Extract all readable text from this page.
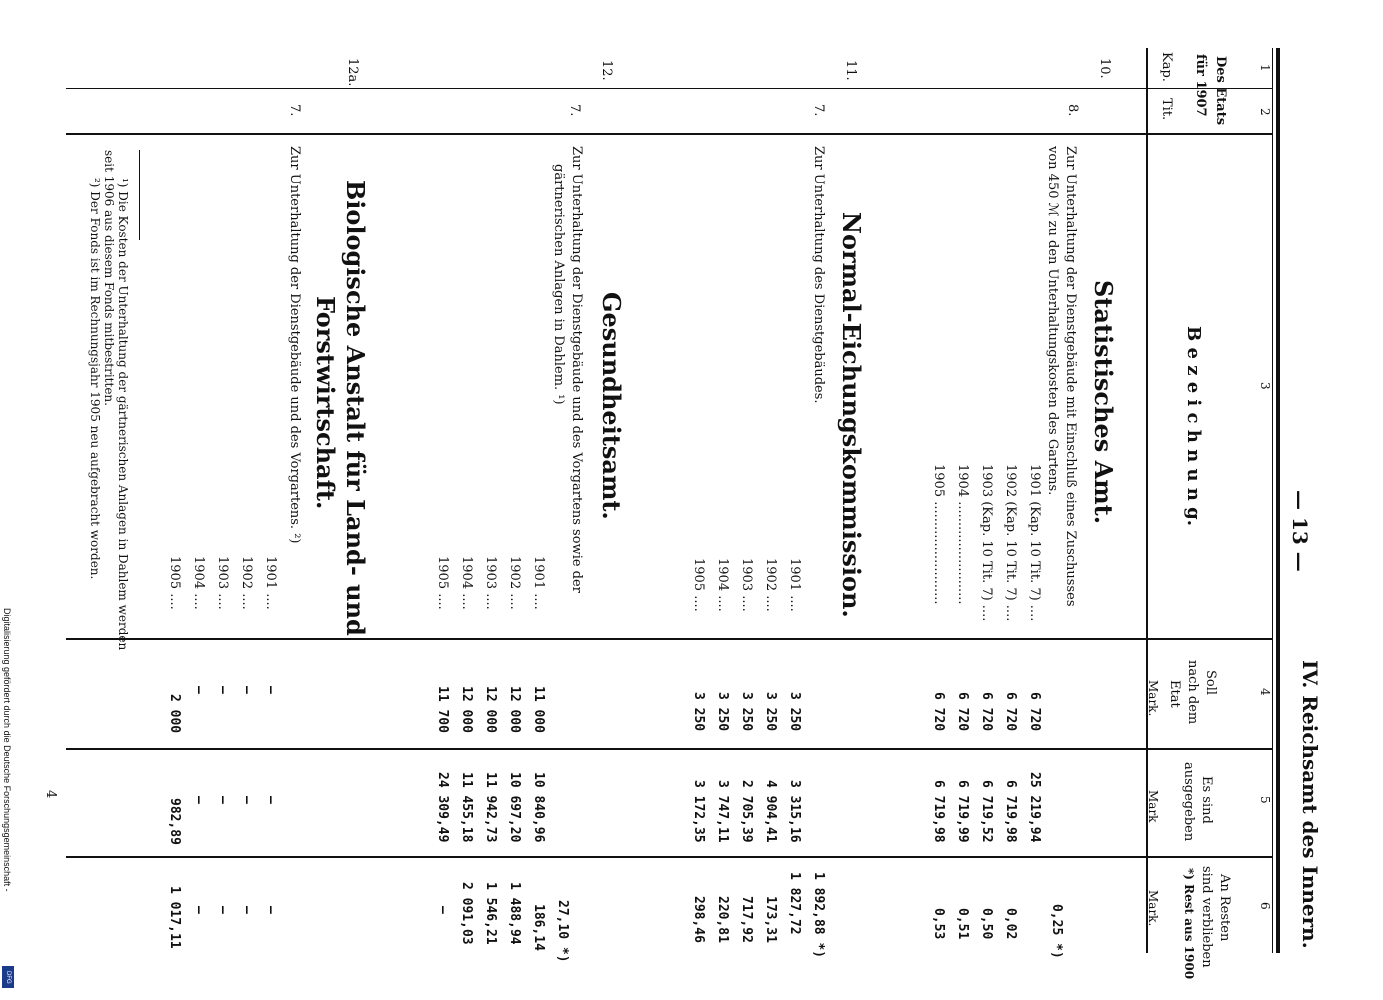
— 13 —
IV. Reichsamt des Innern.
1
2
3
4
5
6
Des Etats
für 1907
Kap.
Tit.
B e z e i c h n u n g.
Soll
nach dem
Etat
Mark.
Es sind
ausgegeben
Mark
An Resten
sind verblieben
*) Rest aus 1900
Mark.
10.
8.
Statistisches Amt.
Zur Unterhaltung der Dienstgebäude mit Einschluß eines Zuschusses
von 450 ℳ zu den Unterhaltungskosten des Gartens.
1901 (Kap. 10 Tit. 7) ....
1902 (Kap. 10 Tit. 7) ....
1903 (Kap. 10 Tit. 7) ....
1904 .........................
1905 .........................
6 720
6 720
6 720
6 720
6 720
25 219,94
6 719,98
6 719,52
6 719,99
6 719,98
0,25 *)
0,02
0,50
0,51
0,53
11.
7.
Normal-Eichungskommission.
Zur Unterhaltung des Dienstgebäudes.
1901 ....
1902 ....
1903 ....
1904 ....
1905 ....
3 250
3 250
3 250
3 250
3 250
3 315,16
4 904,41
2 705,39
3 747,11
3 172,35
1 892,88 *)
1 827,72
173,31
717,92
220,81
298,46
12.
7.
Gesundheitsamt.
Zur Unterhaltung der Dienstgebäude und des Vorgartens sowie der
gärtnerischen Anlagen in Dahlem. ¹)
1901 ....
1902 ....
1903 ....
1904 ....
1905 ....
11 000
12 000
12 000
12 000
11 700
10 840,96
10 697,20
11 942,73
11 455,18
24 309,49
27,10 *)
186,14
1 488,94
1 546,21
2 091,03
—
12a.
7.
Biologische Anstalt für Land- und
Forstwirtschaft.
Zur Unterhaltung der Dienstgebäude und des Vorgartens. ²)
1901 ....
1902 ....
1903 ....
1904 ....
1905 ....
—
—
—
—
2 000
—
—
—
—
982,89
—
—
—
—
1 017,11
¹) Die Kosten der Unterhaltung der gärtnerischen Anlagen in Dahlem werden
seit 1906 aus diesem Fonds mitbestritten.
²) Der Fonds ist im Rechnungsjahr 1905 neu aufgebracht worden.
4
Digitalisierung gefördert durch die Deutsche Forschungsgemeinschaft -
DFG
